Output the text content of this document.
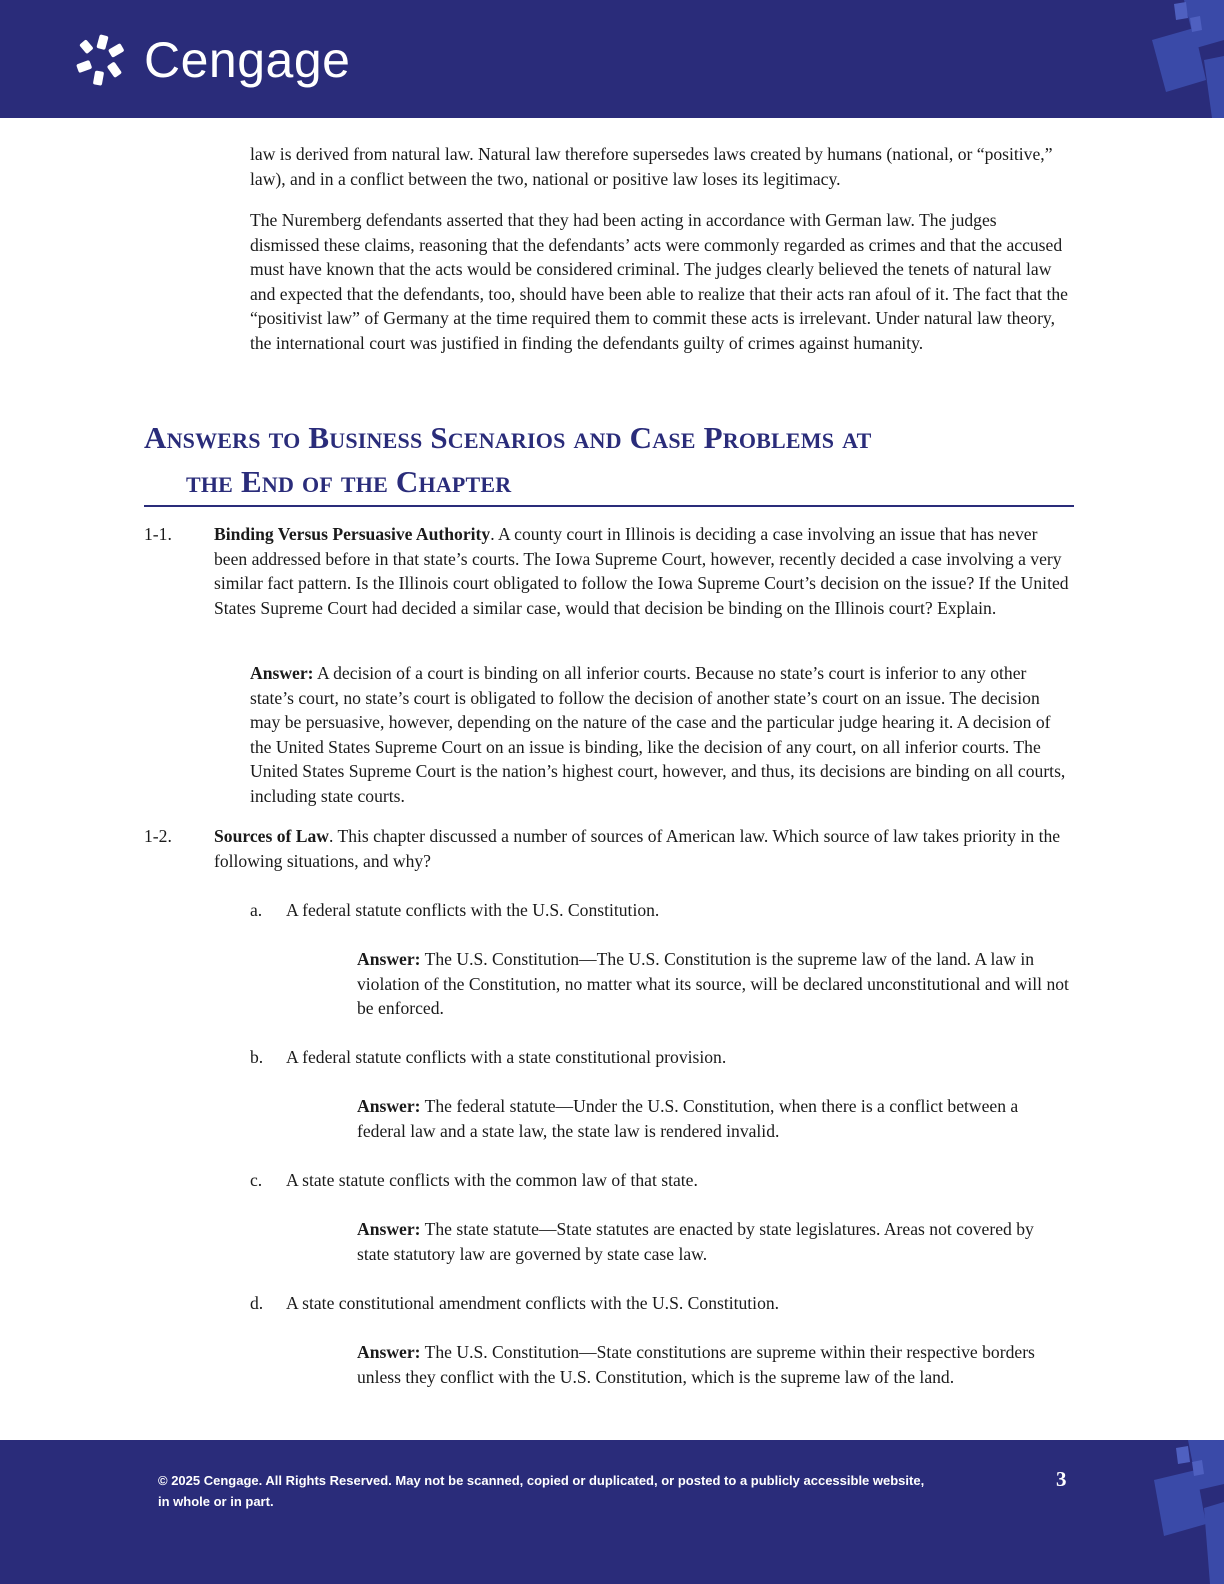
Cengage

law is derived from natural law. Natural law therefore supersedes laws created by humans (national, or “positive,” law), and in a conflict between the two, national or positive law loses its legitimacy.

The Nuremberg defendants asserted that they had been acting in accordance with German law. The judges dismissed these claims, reasoning that the defendants’ acts were commonly regarded as crimes and that the accused must have known that the acts would be considered criminal. The judges clearly believed the tenets of natural law and expected that the defendants, too, should have been able to realize that their acts ran afoul of it. The fact that the “positivist law” of Germany at the time required them to commit these acts is irrelevant. Under natural law theory, the international court was justified in finding the defendants guilty of crimes against humanity.

Answers to Business Scenarios and Case Problems at
the End of the Chapter
1-1. Binding Versus Persuasive Authority. A county court in Illinois is deciding a case involving an issue that has never been addressed before in that state’s courts. The Iowa Supreme Court, however, recently decided a case involving a very similar fact pattern. Is the Illinois court obligated to follow the Iowa Supreme Court’s decision on the issue? If the United States Supreme Court had decided a similar case, would that decision be binding on the Illinois court? Explain.

Answer: A decision of a court is binding on all inferior courts. Because no state’s court is inferior to any other state’s court, no state’s court is obligated to follow the decision of another state’s court on an issue. The decision may be persuasive, however, depending on the nature of the case and the particular judge hearing it. A decision of the United States Supreme Court on an issue is binding, like the decision of any court, on all inferior courts. The United States Supreme Court is the nation’s highest court, however, and thus, its decisions are binding on all courts, including state courts.

1-2. Sources of Law. This chapter discussed a number of sources of American law. Which source of law takes priority in the following situations, and why?

a. A federal statute conflicts with the U.S. Constitution.

Answer: The U.S. Constitution—The U.S. Constitution is the supreme law of the land. A law in violation of the Constitution, no matter what its source, will be declared unconstitutional and will not be enforced.

b. A federal statute conflicts with a state constitutional provision.

Answer: The federal statute—Under the U.S. Constitution, when there is a conflict between a federal law and a state law, the state law is rendered invalid.

c. A state statute conflicts with the common law of that state.

Answer: The state statute—State statutes are enacted by state legislatures. Areas not covered by state statutory law are governed by state case law.

d. A state constitutional amendment conflicts with the U.S. Constitution.

Answer: The U.S. Constitution—State constitutions are supreme within their respective borders unless they conflict with the U.S. Constitution, which is the supreme law of the land.

© 2025 Cengage. All Rights Reserved. May not be scanned, copied or duplicated, or posted to a publicly accessible website, in whole or in part.

3
